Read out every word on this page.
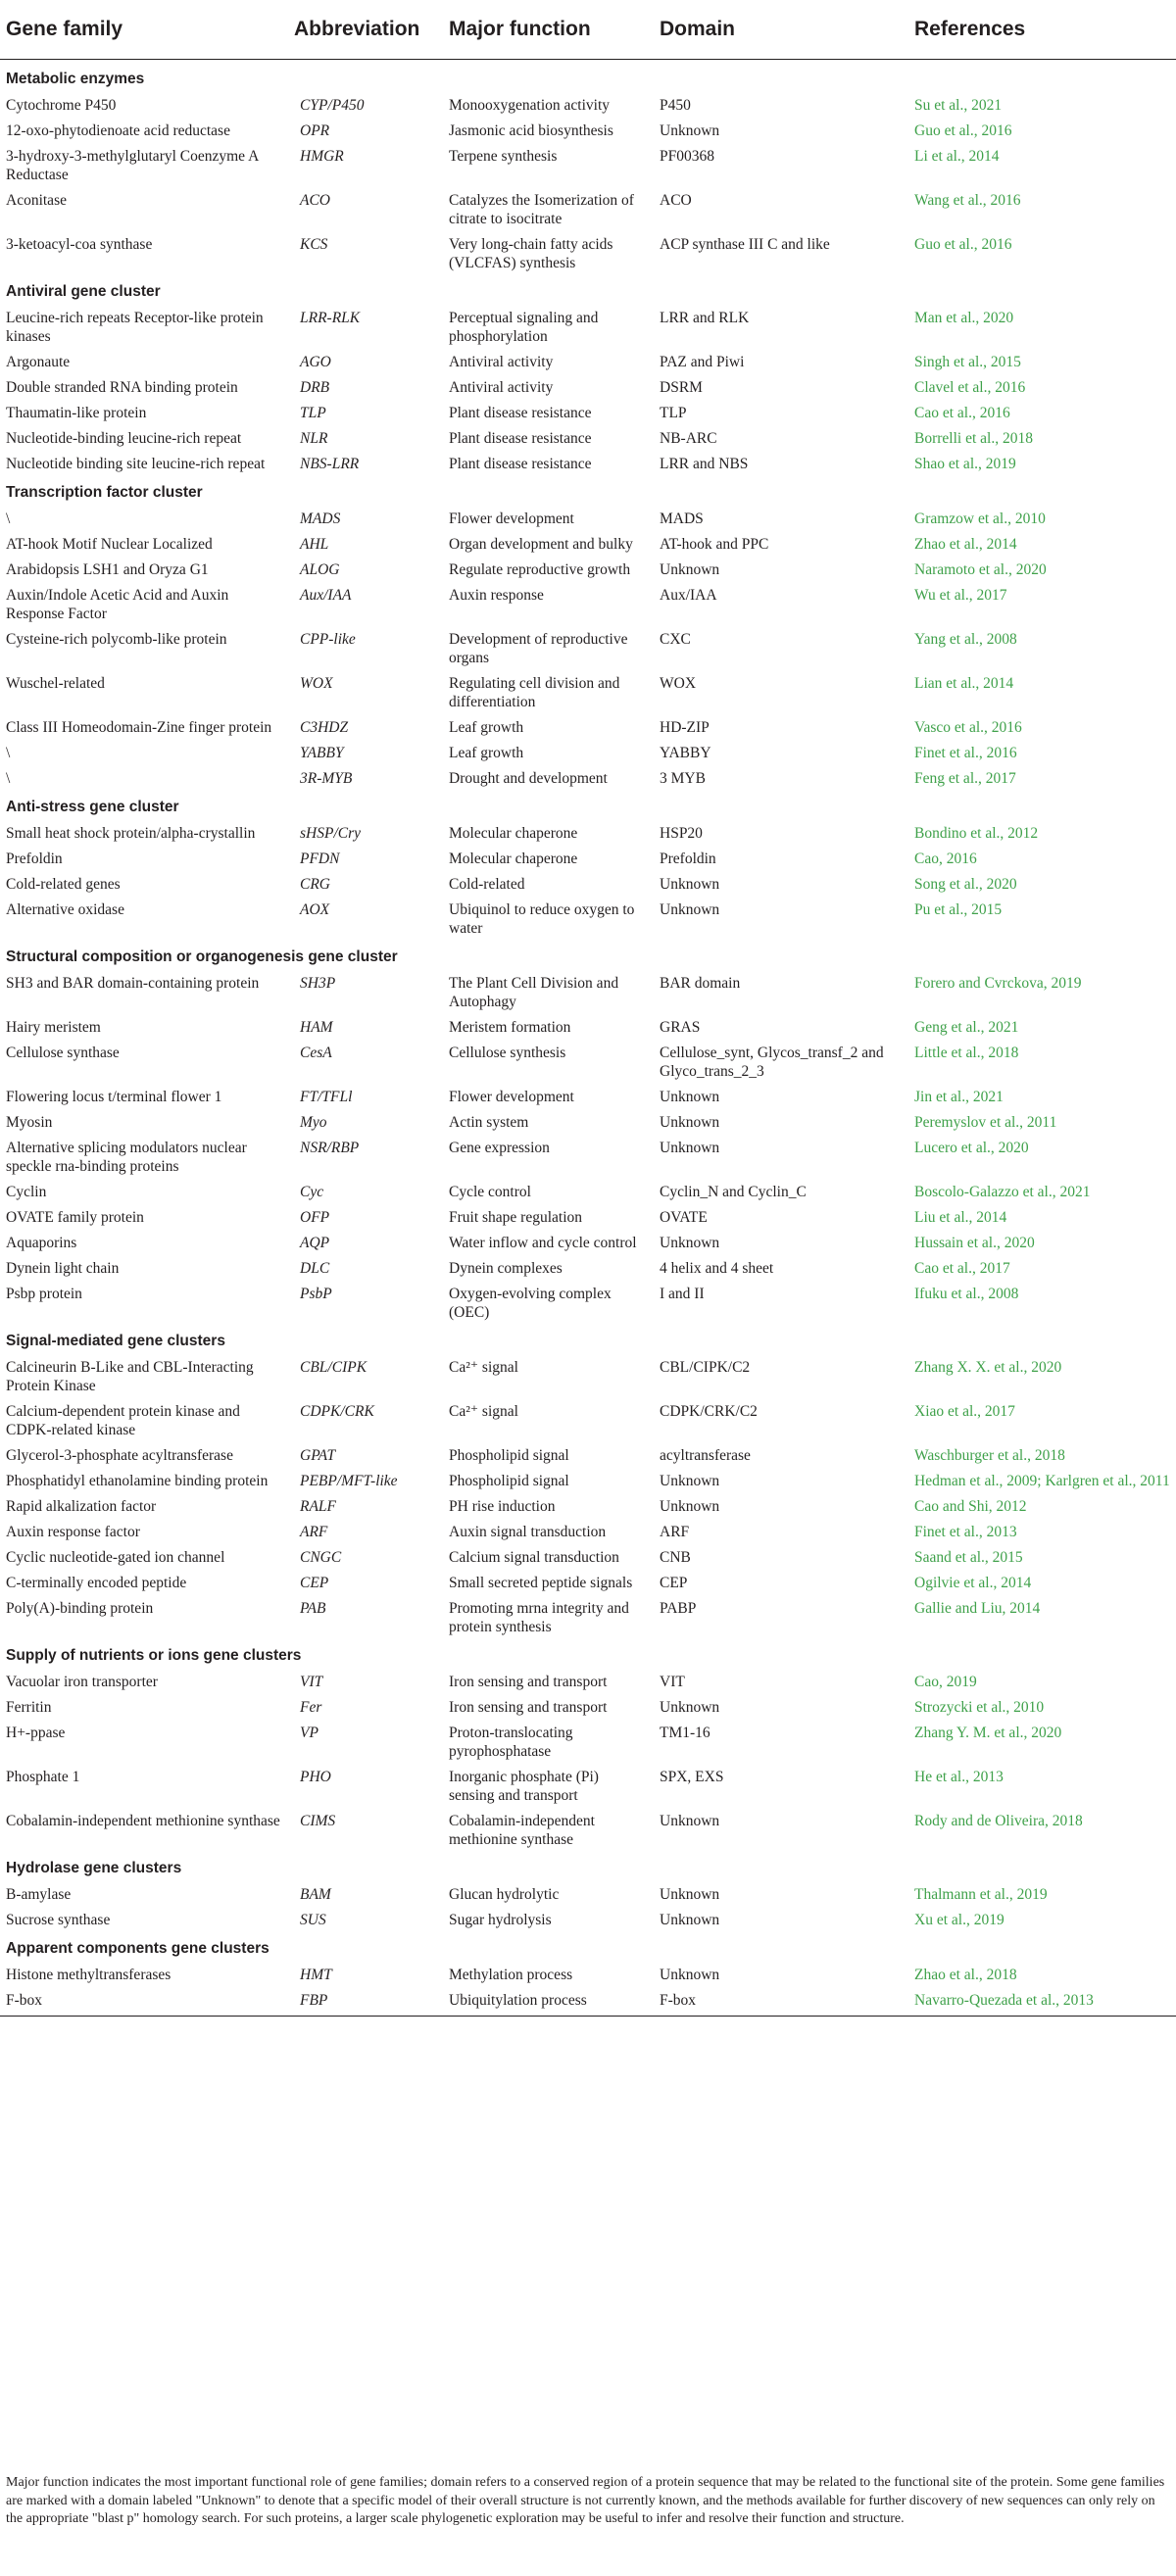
Gene family	Abbreviation	Major function	Domain	References
Metabolic enzymes				
Cytochrome P450	CYP/P450	Monooxygenation activity	P450	Su et al., 2021
12-oxo-phytodienoate acid reductase	OPR	Jasmonic acid biosynthesis	Unknown	Guo et al., 2016
3-hydroxy-3-methylglutaryl Coenzyme A Reductase	HMGR	Terpene synthesis	PF00368	Li et al., 2014
Aconitase	ACO	Catalyzes the Isomerization of citrate to isocitrate	ACO	Wang et al., 2016
3-ketoacyl-coa synthase	KCS	Very long-chain fatty acids (VLCFAS) synthesis	ACP synthase III C and like	Guo et al., 2016
Antiviral gene cluster				
Leucine-rich repeats Receptor-like protein kinases	LRR-RLK	Perceptual signaling and phosphorylation	LRR and RLK	Man et al., 2020
Argonaute	AGO	Antiviral activity	PAZ and Piwi	Singh et al., 2015
Double stranded RNA binding protein	DRB	Antiviral activity	DSRM	Clavel et al., 2016
Thaumatin-like protein	TLP	Plant disease resistance	TLP	Cao et al., 2016
Nucleotide-binding leucine-rich repeat	NLR	Plant disease resistance	NB-ARC	Borrelli et al., 2018
Nucleotide binding site leucine-rich repeat	NBS-LRR	Plant disease resistance	LRR and NBS	Shao et al., 2019
Transcription factor cluster				
\	MADS	Flower development	MADS	Gramzow et al., 2010
AT-hook Motif Nuclear Localized	AHL	Organ development and bulky	AT-hook and PPC	Zhao et al., 2014
Arabidopsis LSH1 and Oryza G1	ALOG	Regulate reproductive growth	Unknown	Naramoto et al., 2020
Auxin/Indole Acetic Acid and Auxin Response Factor	Aux/IAA	Auxin response	Aux/IAA	Wu et al., 2017
Cysteine-rich polycomb-like protein	CPP-like	Development of reproductive organs	CXC	Yang et al., 2008
Wuschel-related	WOX	Regulating cell division and differentiation	WOX	Lian et al., 2014
Class III Homeodomain-Zine finger protein	C3HDZ	Leaf growth	HD-ZIP	Vasco et al., 2016
\	YABBY	Leaf growth	YABBY	Finet et al., 2016
\	3R-MYB	Drought and development	3 MYB	Feng et al., 2017
Anti-stress gene cluster				
Small heat shock protein/alpha-crystallin	sHSP/Cry	Molecular chaperone	HSP20	Bondino et al., 2012
Prefoldin	PFDN	Molecular chaperone	Prefoldin	Cao, 2016
Cold-related genes	CRG	Cold-related	Unknown	Song et al., 2020
Alternative oxidase	AOX	Ubiquinol to reduce oxygen to water	Unknown	Pu et al., 2015
Structural composition or organogenesis gene cluster				
SH3 and BAR domain-containing protein	SH3P	The Plant Cell Division and Autophagy	BAR domain	Forero and Cvrckova, 2019
Hairy meristem	HAM	Meristem formation	GRAS	Geng et al., 2021
Cellulose synthase	CesA	Cellulose synthesis	Cellulose_synt, Glycos_transf_2 and Glyco_trans_2_3	Little et al., 2018
Flowering locus t/terminal flower 1	FT/TFLl	Flower development	Unknown	Jin et al., 2021
Myosin	Myo	Actin system	Unknown	Peremyslov et al., 2011
Alternative splicing modulators nuclear speckle rna-binding proteins	NSR/RBP	Gene expression	Unknown	Lucero et al., 2020
Cyclin	Cyc	Cycle control	Cyclin_N and Cyclin_C	Boscolo-Galazzo et al., 2021
OVATE family protein	OFP	Fruit shape regulation	OVATE	Liu et al., 2014
Aquaporins	AQP	Water inflow and cycle control	Unknown	Hussain et al., 2020
Dynein light chain	DLC	Dynein complexes	4 helix and 4 sheet	Cao et al., 2017
Psbp protein	PsbP	Oxygen-evolving complex (OEC)	I and II	Ifuku et al., 2008
Signal-mediated gene clusters				
Calcineurin B-Like and CBL-Interacting Protein Kinase	CBL/CIPK	Ca²⁺ signal	CBL/CIPK/C2	Zhang X. X. et al., 2020
Calcium-dependent protein kinase and CDPK-related kinase	CDPK/CRK	Ca²⁺ signal	CDPK/CRK/C2	Xiao et al., 2017
Glycerol-3-phosphate acyltransferase	GPAT	Phospholipid signal	acyltransferase	Waschburger et al., 2018
Phosphatidyl ethanolamine binding protein	PEBP/MFT-like	Phospholipid signal	Unknown	Hedman et al., 2009; Karlgren et al., 2011
Rapid alkalization factor	RALF	PH rise induction	Unknown	Cao and Shi, 2012
Auxin response factor	ARF	Auxin signal transduction	ARF	Finet et al., 2013
Cyclic nucleotide-gated ion channel	CNGC	Calcium signal transduction	CNB	Saand et al., 2015
C-terminally encoded peptide	CEP	Small secreted peptide signals	CEP	Ogilvie et al., 2014
Poly(A)-binding protein	PAB	Promoting mrna integrity and protein synthesis	PABP	Gallie and Liu, 2014
Supply of nutrients or ions gene clusters				
Vacuolar iron transporter	VIT	Iron sensing and transport	VIT	Cao, 2019
Ferritin	Fer	Iron sensing and transport	Unknown	Strozycki et al., 2010
H+-ppase	VP	Proton-translocating pyrophosphatase	TM1-16	Zhang Y. M. et al., 2020
Phosphate 1	PHO	Inorganic phosphate (Pi) sensing and transport	SPX, EXS	He et al., 2013
Cobalamin-independent methionine synthase	CIMS	Cobalamin-independent methionine synthase	Unknown	Rody and de Oliveira, 2018
Hydrolase gene clusters				
B-amylase	BAM	Glucan hydrolytic	Unknown	Thalmann et al., 2019
Sucrose synthase	SUS	Sugar hydrolysis	Unknown	Xu et al., 2019
Apparent components gene clusters				
Histone methyltransferases	HMT	Methylation process	Unknown	Zhao et al., 2018
F-box	FBP	Ubiquitylation process	F-box	Navarro-Quezada et al., 2013
Major function indicates the most important functional role of gene families; domain refers to a conserved region of a protein sequence that may be related to the functional site of the protein. Some gene families are marked with a domain labeled "Unknown" to denote that a specific model of their overall structure is not currently known, and the methods available for further discovery of new sequences can only rely on the appropriate "blast p" homology search. For such proteins, a larger scale phylogenetic exploration may be useful to infer and resolve their function and structure.
